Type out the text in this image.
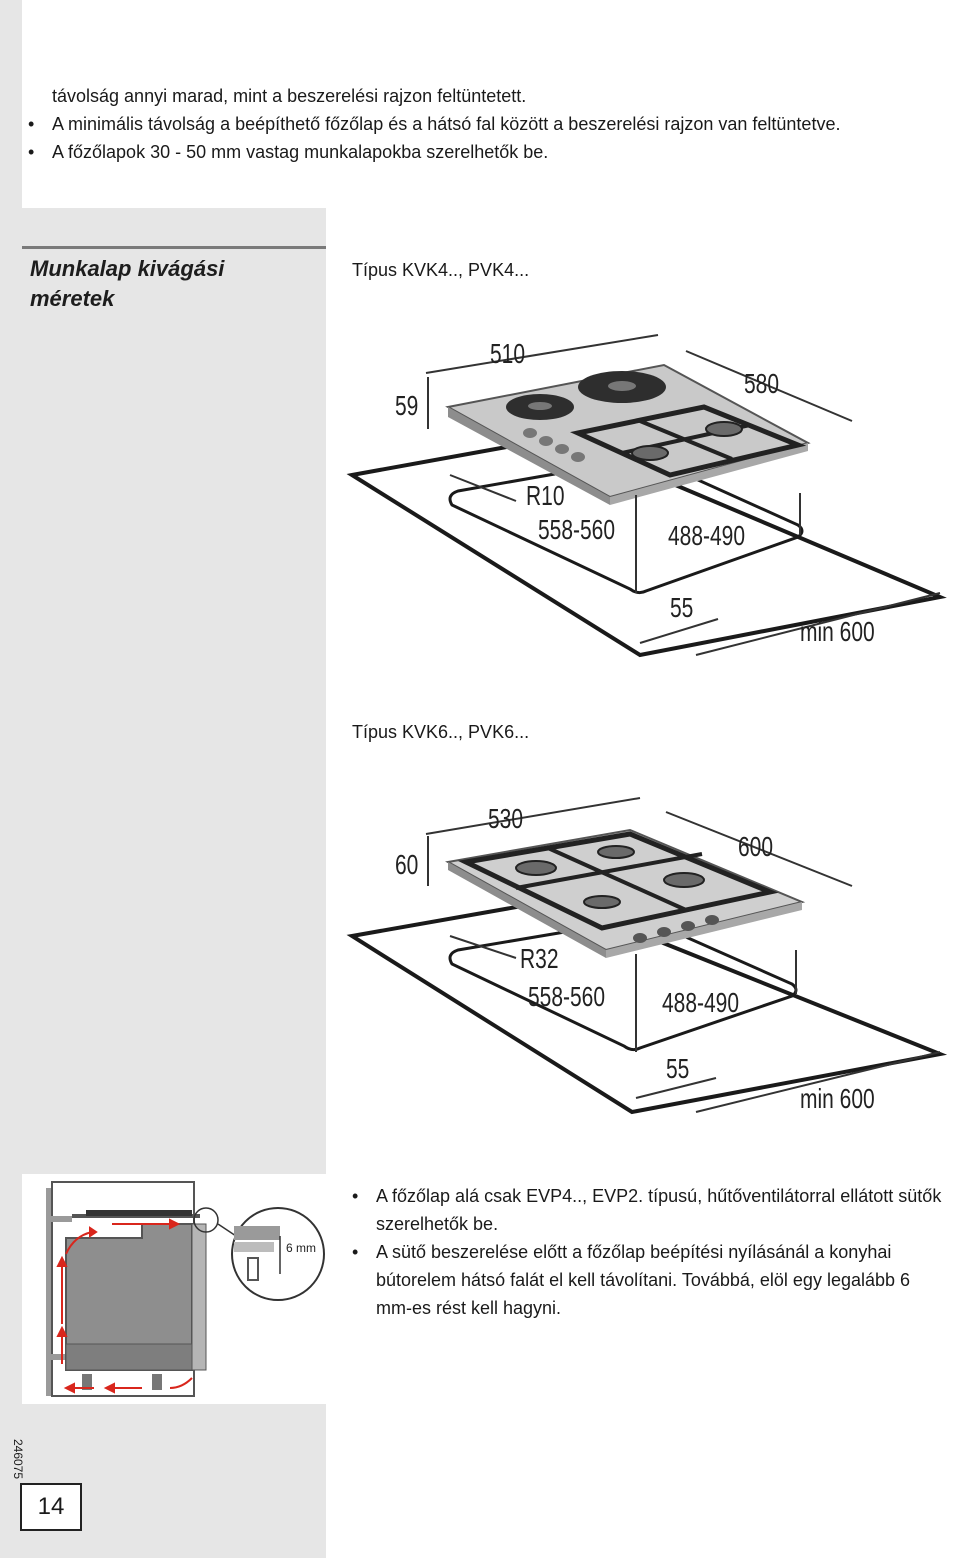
távolság annyi marad, mint a beszerelési rajzon feltüntetett.

• A minimális távolság a beépíthető főzőlap és a hátsó fal között a beszerelési rajzon van feltüntetve.
• A főzőlapok 30 - 50 mm vastag munkalapokba szerelhetők be.
Munkalap kivágási méretek

Típus KVK4.., PVK4...

510
59
580
R10
558-560 488-490
55
min 600

Típus KVK6.., PVK6...

530
60
600
R32
558-560 488-490
55
min 600
6 mm
• A főzőlap alá csak EVP4.., EVP2. típusú, hűtőventilátorral ellátott sütők szerelhetők be.
• A sütő beszerelése előtt a főzőlap beépítési nyílásánál a konyhai bútorelem hátsó falát el kell távolítani. Továbbá, elöl egy legalább 6 mm-es rést kell hagyni.
246075
14
